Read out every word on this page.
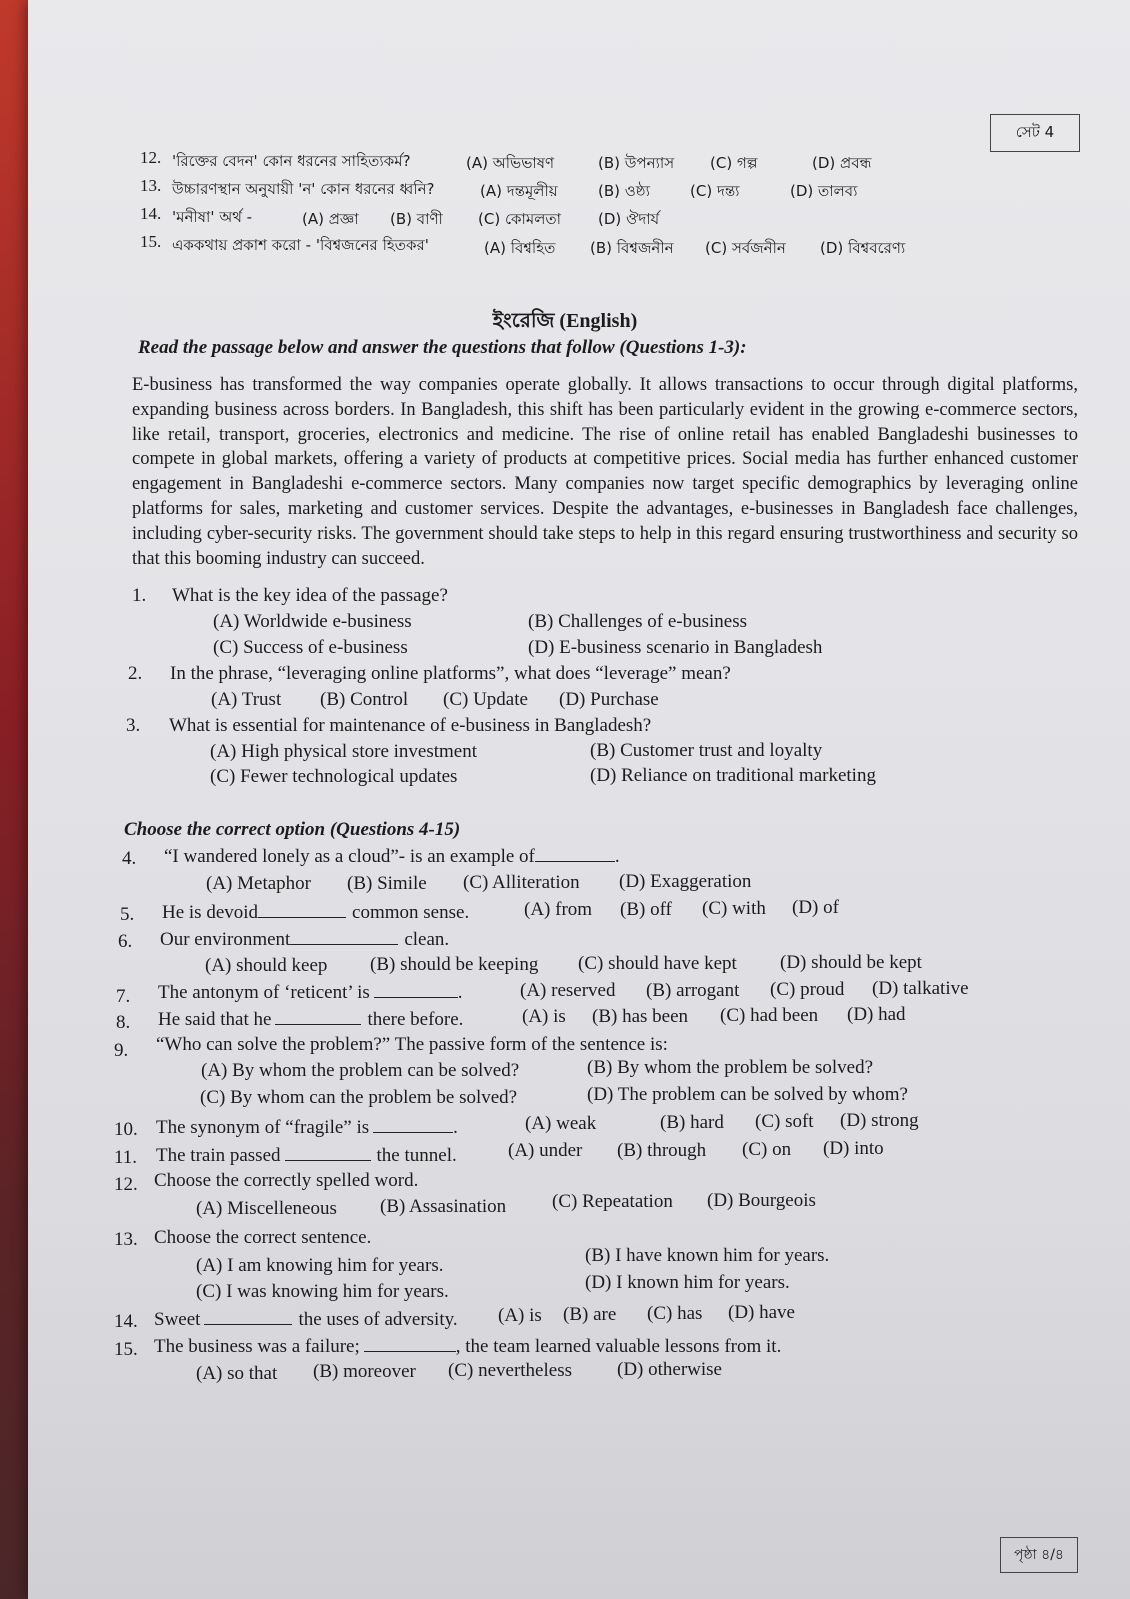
সেট 4
12. 'রিক্তের বেদন' কোন ধরনের সাহিত্যকর্ম?	(A) অভিভাষণ	(B) উপন্যাস (C) গল্প	(D) প্রবন্ধ
13. উচ্চারণস্থান অনুযায়ী 'ন' কোন ধরনের ধ্বনি?	(A) দন্তমূলীয়	(B) ওষ্ঠ্য	(C) দন্ত্য	(D) তালব্য
14. 'মনীষা' অর্থ -	(A) প্রজ্ঞা (B) বাণী (C) কোমলতা (D) ঔদার্য
15. এককথায় প্রকাশ করো - 'বিশ্বজনের হিতকর'	(A) বিশ্বহিত (B) বিশ্বজনীন (C) সর্বজনীন (D) বিশ্ববরেণ্য
ইংরেজি (English)
Read the passage below and answer the questions that follow (Questions 1-3):
E-business has transformed the way companies operate globally. It allows transactions to occur through digital platforms, expanding business across borders. In Bangladesh, this shift has been particularly evident in the growing e-commerce sectors, like retail, transport, groceries, electronics and medicine. The rise of online retail has enabled Bangladeshi businesses to compete in global markets, offering a variety of products at competitive prices. Social media has further enhanced customer engagement in Bangladeshi e-commerce sectors. Many companies now target specific demographics by leveraging online platforms for sales, marketing and customer services. Despite the advantages, e-businesses in Bangladesh face challenges, including cyber-security risks. The government should take steps to help in this regard ensuring trustworthiness and security so that this booming industry can succeed.
1. What is the key idea of the passage?
(A) Worldwide e-business	(B) Challenges of e-business
(C) Success of e-business	(D) E-business scenario in Bangladesh
2. In the phrase, “leveraging online platforms”, what does “leverage” mean?
(A) Trust (B) Control (C) Update (D) Purchase
3. What is essential for maintenance of e-business in Bangladesh?
(A) High physical store investment	(B) Customer trust and loyalty
(C) Fewer technological updates	(D) Reliance on traditional marketing
Choose the correct option (Questions 4-15)
4. “I wandered lonely as a cloud”- is an example of	.
(A) Metaphor (B) Simile (C) Alliteration (D) Exaggeration
5. He is devoid	common sense.	(A) from (B) off (C) with (D) of
6. Our environment	clean.
(A) should keep (B) should be keeping (C) should have kept (D) should be kept
7. The antonym of ‘reticent’ is	.	(A) reserved (B) arrogant (C) proud (D) talkative
8. He said that he	there before.	(A) is (B) has been (C) had been (D) had
9. “Who can solve the problem?” The passive form of the sentence is:
(A) By whom the problem can be solved?	(B) By whom the problem be solved?
(C) By whom can the problem be solved?	(D) The problem can be solved by whom?
10. The synonym of “fragile” is	.	(A) weak	(B) hard (C) soft (D) strong
11. The train passed	the tunnel.	(A) under (B) through (C) on (D) into
12. Choose the correctly spelled word.
(A) Miscelleneous (B) Assasination (C) Repeatation (D) Bourgeois
13. Choose the correct sentence.
(A) I am knowing him for years.	(B) I have known him for years.
(C) I was knowing him for years.	(D) I known him for years.
14. Sweet	the uses of adversity. (A) is (B) are (C) has (D) have
15. The business was a failure;	, the team learned valuable lessons from it.
(A) so that (B) moreover (C) nevertheless (D) otherwise
পৃষ্ঠা ৪/৪
